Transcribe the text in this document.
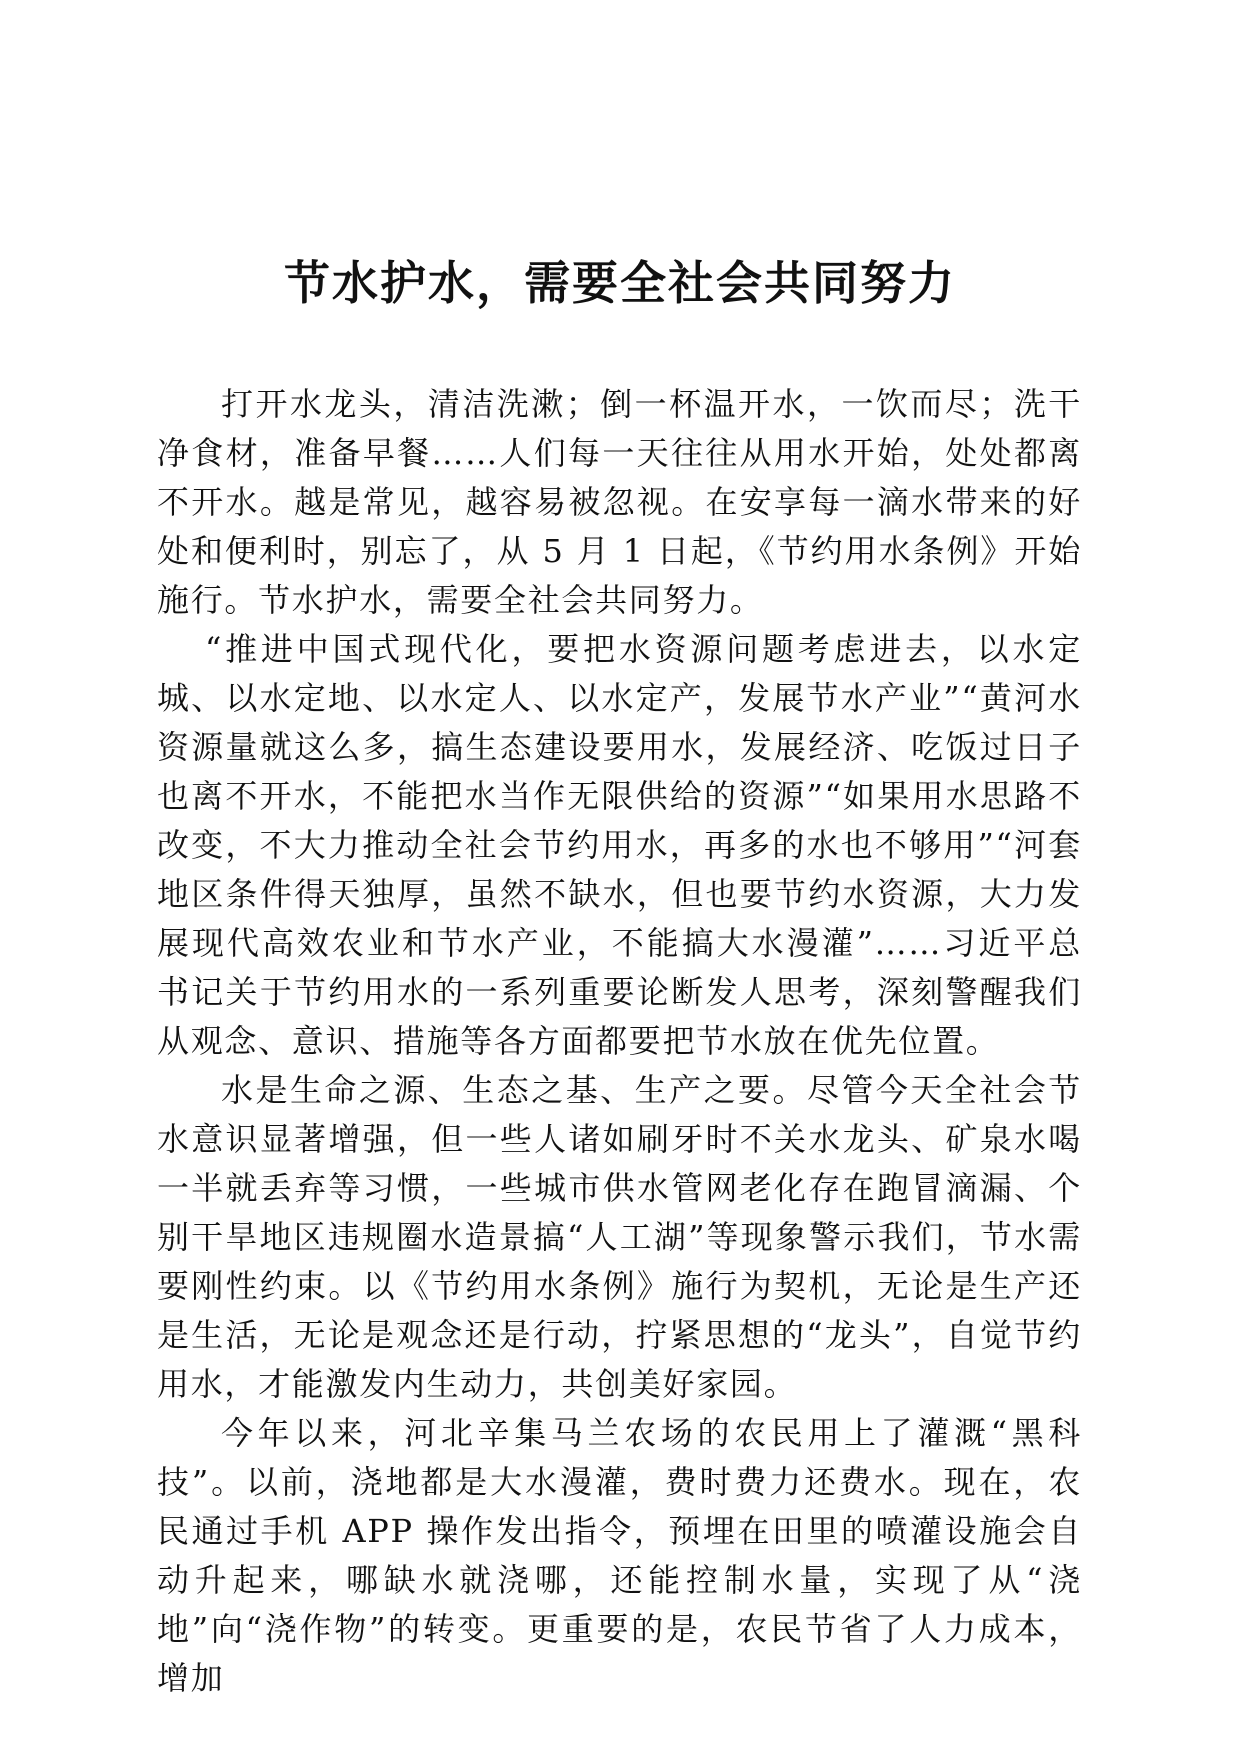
节水护水，需要全社会共同努力

打开水龙头，清洁洗漱；倒一杯温开水，一饮而尽；洗干净食材，准备早餐……人们每一天往往从用水开始，处处都离不开水。越是常见，越容易被忽视。在安享每一滴水带来的好处和便利时，别忘了，从 5 月 1 日起，《节约用水条例》开始施行。节水护水，需要全社会共同努力。

“推进中国式现代化，要把水资源问题考虑进去，以水定城、以水定地、以水定人、以水定产，发展节水产业”“黄河水资源量就这么多，搞生态建设要用水，发展经济、吃饭过日子也离不开水，不能把水当作无限供给的资源”“如果用水思路不改变，不大力推动全社会节约用水，再多的水也不够用”“河套地区条件得天独厚，虽然不缺水，但也要节约水资源，大力发展现代高效农业和节水产业，不能搞大水漫灌”……习近平总书记关于节约用水的一系列重要论断发人思考，深刻警醒我们从观念、意识、措施等各方面都要把节水放在优先位置。

水是生命之源、生态之基、生产之要。尽管今天全社会节水意识显著增强，但一些人诸如刷牙时不关水龙头、矿泉水喝一半就丢弃等习惯，一些城市供水管网老化存在跑冒滴漏、个别干旱地区违规圈水造景搞“人工湖”等现象警示我们，节水需要刚性约束。以《节约用水条例》施行为契机，无论是生产还是生活，无论是观念还是行动，拧紧思想的“龙头”，自觉节约用水，才能激发内生动力，共创美好家园。

今年以来，河北辛集马兰农场的农民用上了灌溉“黑科技”。以前，浇地都是大水漫灌，费时费力还费水。现在，农民通过手机 APP 操作发出指令，预埋在田里的喷灌设施会自动升起来，哪缺水就浇哪，还能控制水量，实现了从“浇地”向“浇作物”的转变。更重要的是，农民节省了人力成本，增加
